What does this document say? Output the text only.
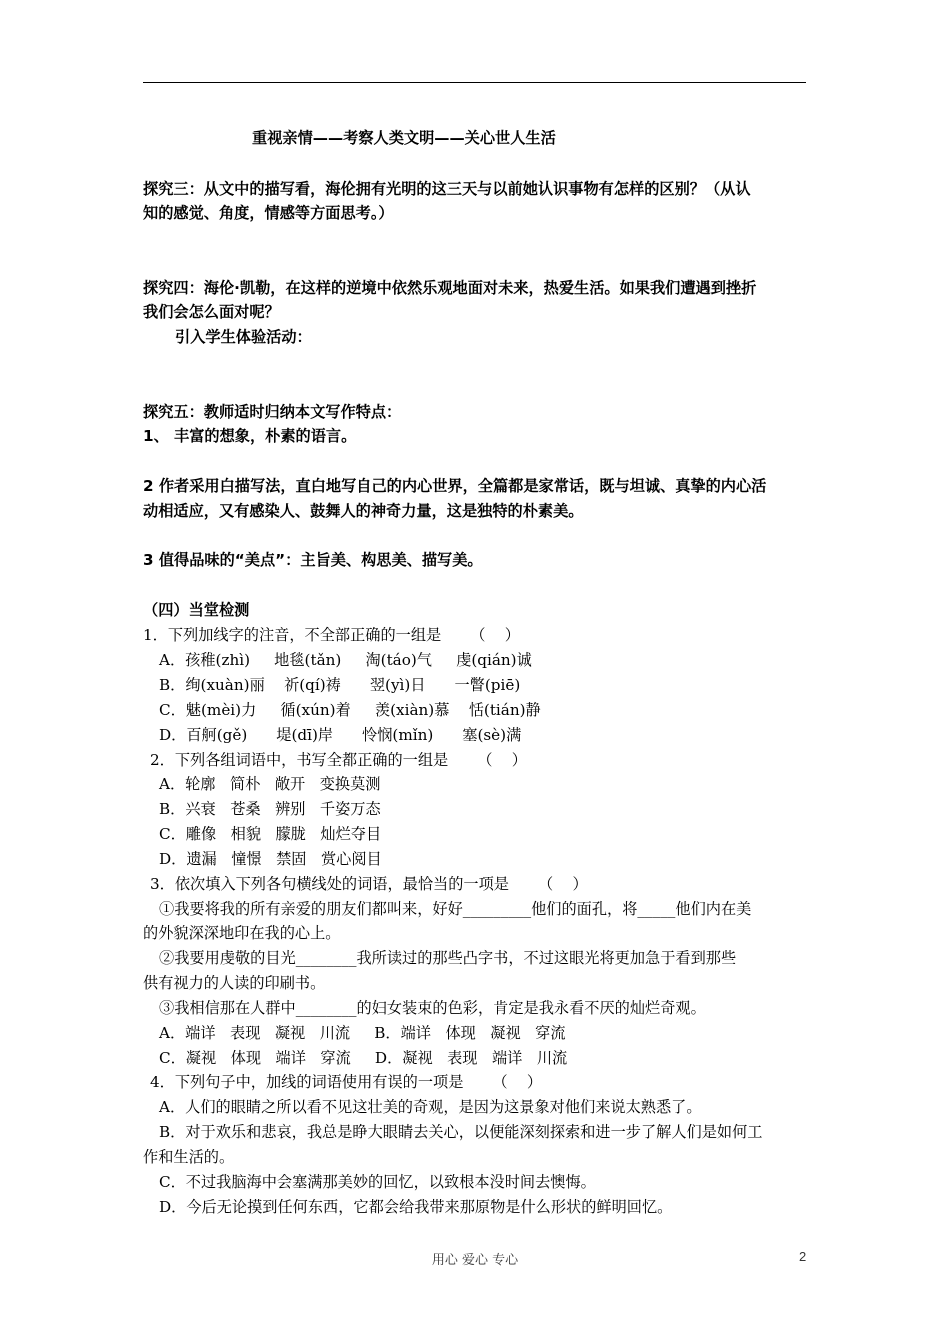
重视亲情——考察人类文明——关心世人生活
探究三：从文中的描写看，海伦拥有光明的这三天与以前她认识事物有怎样的区别？（从认
知的感觉、角度，情感等方面思考。）
探究四：海伦·凯勒，在这样的逆境中依然乐观地面对未来，热爱生活。如果我们遭遇到挫折
我们会怎么面对呢？
引入学生体验活动：
探究五：教师适时归纳本文写作特点：
1、 丰富的想象，朴素的语言。
2 作者采用白描写法，直白地写自己的内心世界，全篇都是家常话，既与坦诚、真挚的内心活
动相适应，又有感染人、鼓舞人的神奇力量，这是独特的朴素美。
3 值得品味的“美点”：主旨美、构思美、描写美。
（四）当堂检测
1．下列加线字的注音，不全部正确的一组是      （    ）
A．孩稚(zhì)     地毯(tǎn)     淘(táo)气     虔(qián)诚
B．绚(xuàn)丽    祈(qí)祷      翌(yì)日      一瞥(piē)
C．魅(mèi)力     循(xún)着     羡(xiàn)慕    恬(tián)静
D．百舸(gě)      堤(dī)岸      怜悯(mǐn)      塞(sè)满
2．下列各组词语中，书写全都正确的一组是      （    ）
A．轮廓   简朴   敞开   变换莫测
B．兴衰   苍桑   辨别   千姿万态
C．雕像   相貌   朦胧   灿烂夺目
D．遗漏   憧憬   禁固   赏心阅目
3．依次填入下列各句横线处的词语，最恰当的一项是      （    ）
①我要将我的所有亲爱的朋友们都叫来，好好_________他们的面孔，将_____他们内在美
的外貌深深地印在我的心上。
②我要用虔敬的目光________我所读过的那些凸字书，不过这眼光将更加急于看到那些
供有视力的人读的印刷书。
③我相信那在人群中________的妇女装束的色彩，肯定是我永看不厌的灿烂奇观。
A．端详   表现   凝视   川流     B．端详   体现   凝视   穿流
C．凝视   体现   端详   穿流     D．凝视   表现   端详   川流
4．下列句子中，加线的词语使用有误的一项是      （    ）
A．人们的眼睛之所以看不见这壮美的奇观，是因为这景象对他们来说太熟悉了。
B．对于欢乐和悲哀，我总是睁大眼睛去关心，以便能深刻探索和进一步了解人们是如何工
作和生活的。
C．不过我脑海中会塞满那美妙的回忆，以致根本没时间去懊悔。
D．今后无论摸到任何东西，它都会给我带来那原物是什么形状的鲜明回忆。
用心 爱心 专心	2
